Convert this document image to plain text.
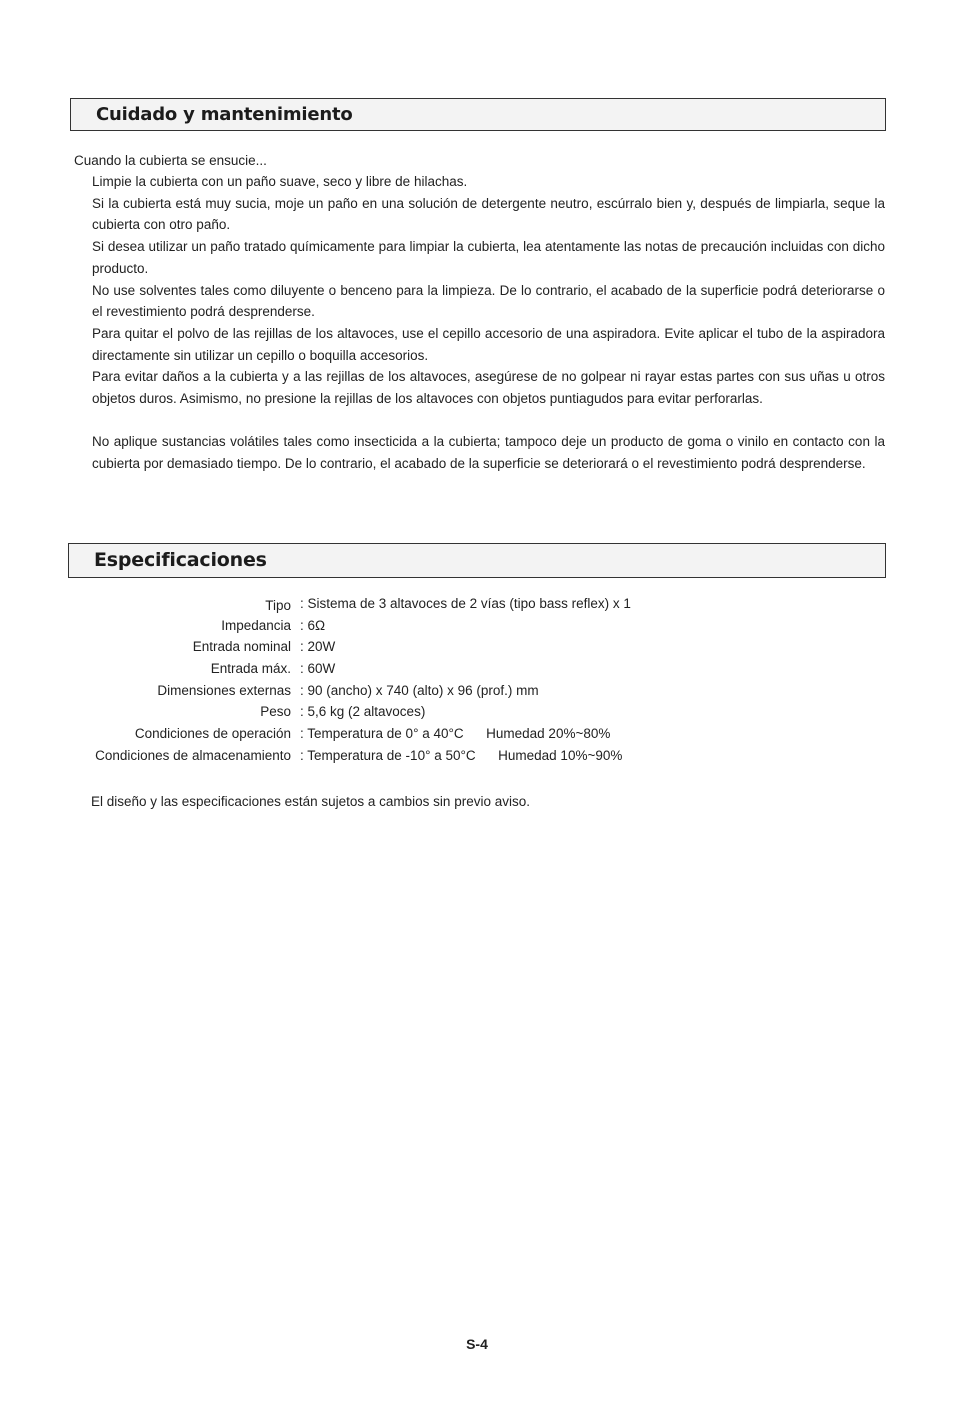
Cuidado y mantenimiento
Cuando la cubierta se ensucie...

Limpie la cubierta con un paño suave, seco y libre de hilachas.

Si la cubierta está muy sucia, moje un paño en una solución de detergente neutro, escúrralo bien y, después de limpiarla, seque la cubierta con otro paño.

Si desea utilizar un paño tratado químicamente para limpiar la cubierta, lea atentamente las notas de precaución incluidas con dicho producto.

No use solventes tales como diluyente o benceno para la limpieza. De lo contrario, el acabado de la superficie podrá deteriorarse o el revestimiento podrá desprenderse.

Para quitar el polvo de las rejillas de los altavoces, use el cepillo accesorio de una aspiradora. Evite aplicar el tubo de la aspiradora directamente sin utilizar un cepillo o boquilla accesorios.

Para evitar daños a la cubierta y a las rejillas de los altavoces, asegúrese de no golpear ni rayar estas partes con sus uñas u otros objetos duros. Asimismo, no presione la rejillas de los altavoces con objetos puntiagudos para evitar perforarlas.

No aplique sustancias volátiles tales como insecticida a la cubierta; tampoco deje un producto de goma o vinilo en contacto con la cubierta por demasiado tiempo. De lo contrario, el acabado de la superficie se deteriorará o el revestimiento podrá desprenderse.

Especificaciones
Tipo : Sistema de 3 altavoces de 2 vías (tipo bass reflex) x 1
Impedancia : 6Ω
Entrada nominal : 20W
Entrada máx. : 60W
Dimensiones externas : 90 (ancho) x 740 (alto) x 96 (prof.) mm
Peso : 5,6 kg (2 altavoces)
Condiciones de operación : Temperatura de 0° a 40°C      Humedad 20%~80%
Condiciones de almacenamiento : Temperatura de -10° a 50°C      Humedad 10%~90%
El diseño y las especificaciones están sujetos a cambios sin previo aviso.
S-4
